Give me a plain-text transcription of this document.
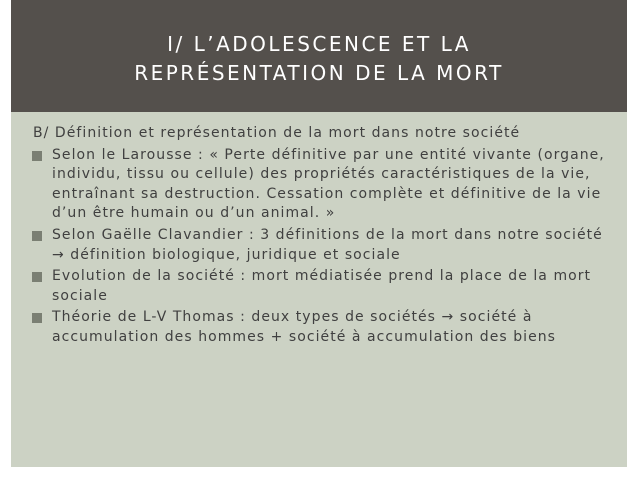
I/ L’ADOLESCENCE ET LA
REPRÉSENTATION DE LA MORT
B/ Définition et représentation de la mort dans notre société
Selon le Larousse : « Perte définitive par une entité vivante (organe, individu, tissu ou cellule) des propriétés caractéristiques de la vie, entraînant sa destruction. Cessation complète et définitive de la vie d’un être humain ou d’un animal. »
Selon Gaëlle Clavandier : 3 définitions de la mort dans notre société → définition biologique, juridique et sociale
Evolution de la société : mort médiatisée prend la place de la mort sociale
Théorie de L-V Thomas : deux types de sociétés → société à accumulation des hommes + société à accumulation des biens
